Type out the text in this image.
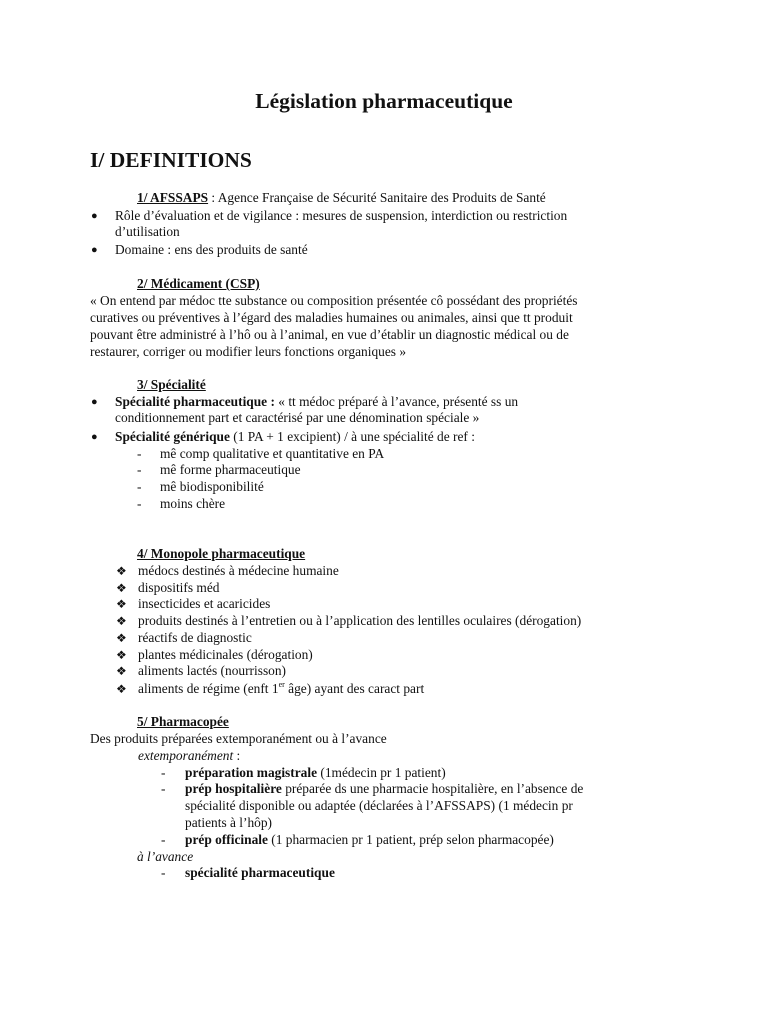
Législation pharmaceutique
I/ DEFINITIONS
1/ AFSSAPS : Agence Française de Sécurité Sanitaire des Produits de Santé
● Rôle d’évaluation et de vigilance : mesures de suspension, interdiction ou restriction
d’utilisation
● Domaine : ens des produits de santé
2/ Médicament (CSP)
« On entend par médoc tte substance ou composition présentée cô possédant des propriétés
curatives ou préventives à l’égard des maladies humaines ou animales, ainsi que tt produit
pouvant être administré à l’hô ou à l’animal, en vue d’établir un diagnostic médical ou de
restaurer, corriger ou modifier leurs fonctions organiques »
3/ Spécialité
● Spécialité pharmaceutique : « tt médoc préparé à l’avance, présenté ss un
conditionnement part et caractérisé par une dénomination spéciale »
● Spécialité générique (1 PA + 1 excipient) / à une spécialité de ref :
- mê comp qualitative et quantitative en PA
- mê forme pharmaceutique
- mê biodisponibilité
- moins chère
4/ Monopole pharmaceutique
❖ médocs destinés à médecine humaine
❖ dispositifs méd
❖ insecticides et acaricides
❖ produits destinés à l’entretien ou à l’application des lentilles oculaires (dérogation)
❖ réactifs de diagnostic
❖ plantes médicinales (dérogation)
❖ aliments lactés (nourrisson)
❖ aliments de régime (enft 1er âge) ayant des caract part
5/ Pharmacopée
Des produits préparées extemporanément ou à l’avance
extemporanément :
- préparation magistrale (1médecin pr 1 patient)
- prép hospitalière préparée ds une pharmacie hospitalière, en l’absence de
spécialité disponible ou adaptée (déclarées à l’AFSSAPS) (1 médecin pr
patients à l’hôp)
- prép officinale (1 pharmacien pr 1 patient, prép selon pharmacopée)
à l’avance
- spécialité pharmaceutique
